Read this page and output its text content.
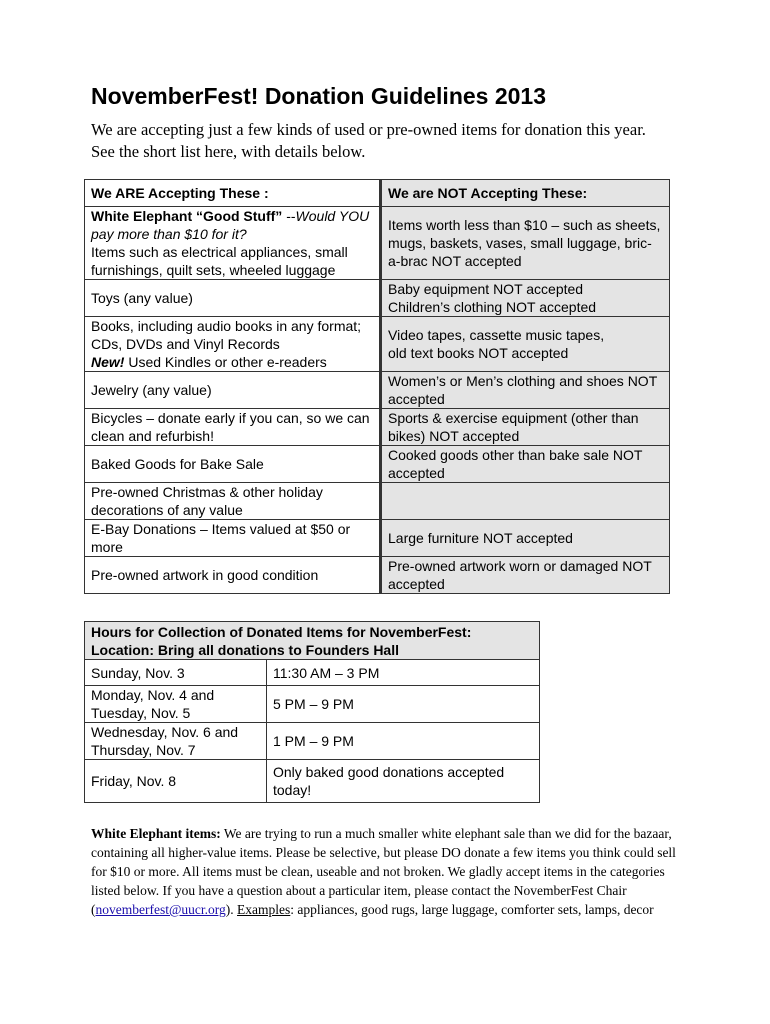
NovemberFest! Donation Guidelines 2013

We are accepting just a few kinds of used or pre-owned items for donation this year. See the short list here, with details below.

We ARE Accepting These :	We are NOT Accepting These:
White Elephant “Good Stuff” --Would YOU pay more than $10 for it?
Items such as electrical appliances, small furnishings, quilt sets, wheeled luggage	Items worth less than $10 – such as sheets, mugs, baskets, vases, small luggage, bric-a-brac NOT accepted
Toys (any value)	Baby equipment NOT accepted
Children’s clothing NOT accepted
Books, including audio books in any format; CDs, DVDs and Vinyl Records
New! Used Kindles or other e-readers	Video tapes, cassette music tapes,
old text books NOT accepted
Jewelry (any value)	Women’s or Men’s clothing and shoes NOT accepted
Bicycles – donate early if you can, so we can clean and refurbish!	Sports & exercise equipment (other than bikes) NOT accepted
Baked Goods for Bake Sale	Cooked goods other than bake sale NOT accepted
Pre-owned Christmas & other holiday decorations of any value	
E-Bay Donations – Items valued at $50 or more	Large furniture NOT accepted
Pre-owned artwork in good condition	Pre-owned artwork worn or damaged NOT accepted
Hours for Collection of Donated Items for NovemberFest:
Location: Bring all donations to Founders Hall	
Sunday, Nov. 3	11:30 AM – 3 PM
Monday, Nov. 4 and Tuesday, Nov. 5	5 PM – 9 PM
Wednesday, Nov. 6 and Thursday, Nov. 7	1 PM – 9 PM
Friday, Nov. 8	Only baked good donations accepted today!

White Elephant items: We are trying to run a much smaller white elephant sale than we did for the bazaar, containing all higher-value items. Please be selective, but please DO donate a few items you think could sell for $10 or more. All items must be clean, useable and not broken. We gladly accept items in the categories listed below. If you have a question about a particular item, please contact the NovemberFest Chair (novemberfest@uucr.org). Examples: appliances, good rugs, large luggage, comforter sets, lamps, decor
